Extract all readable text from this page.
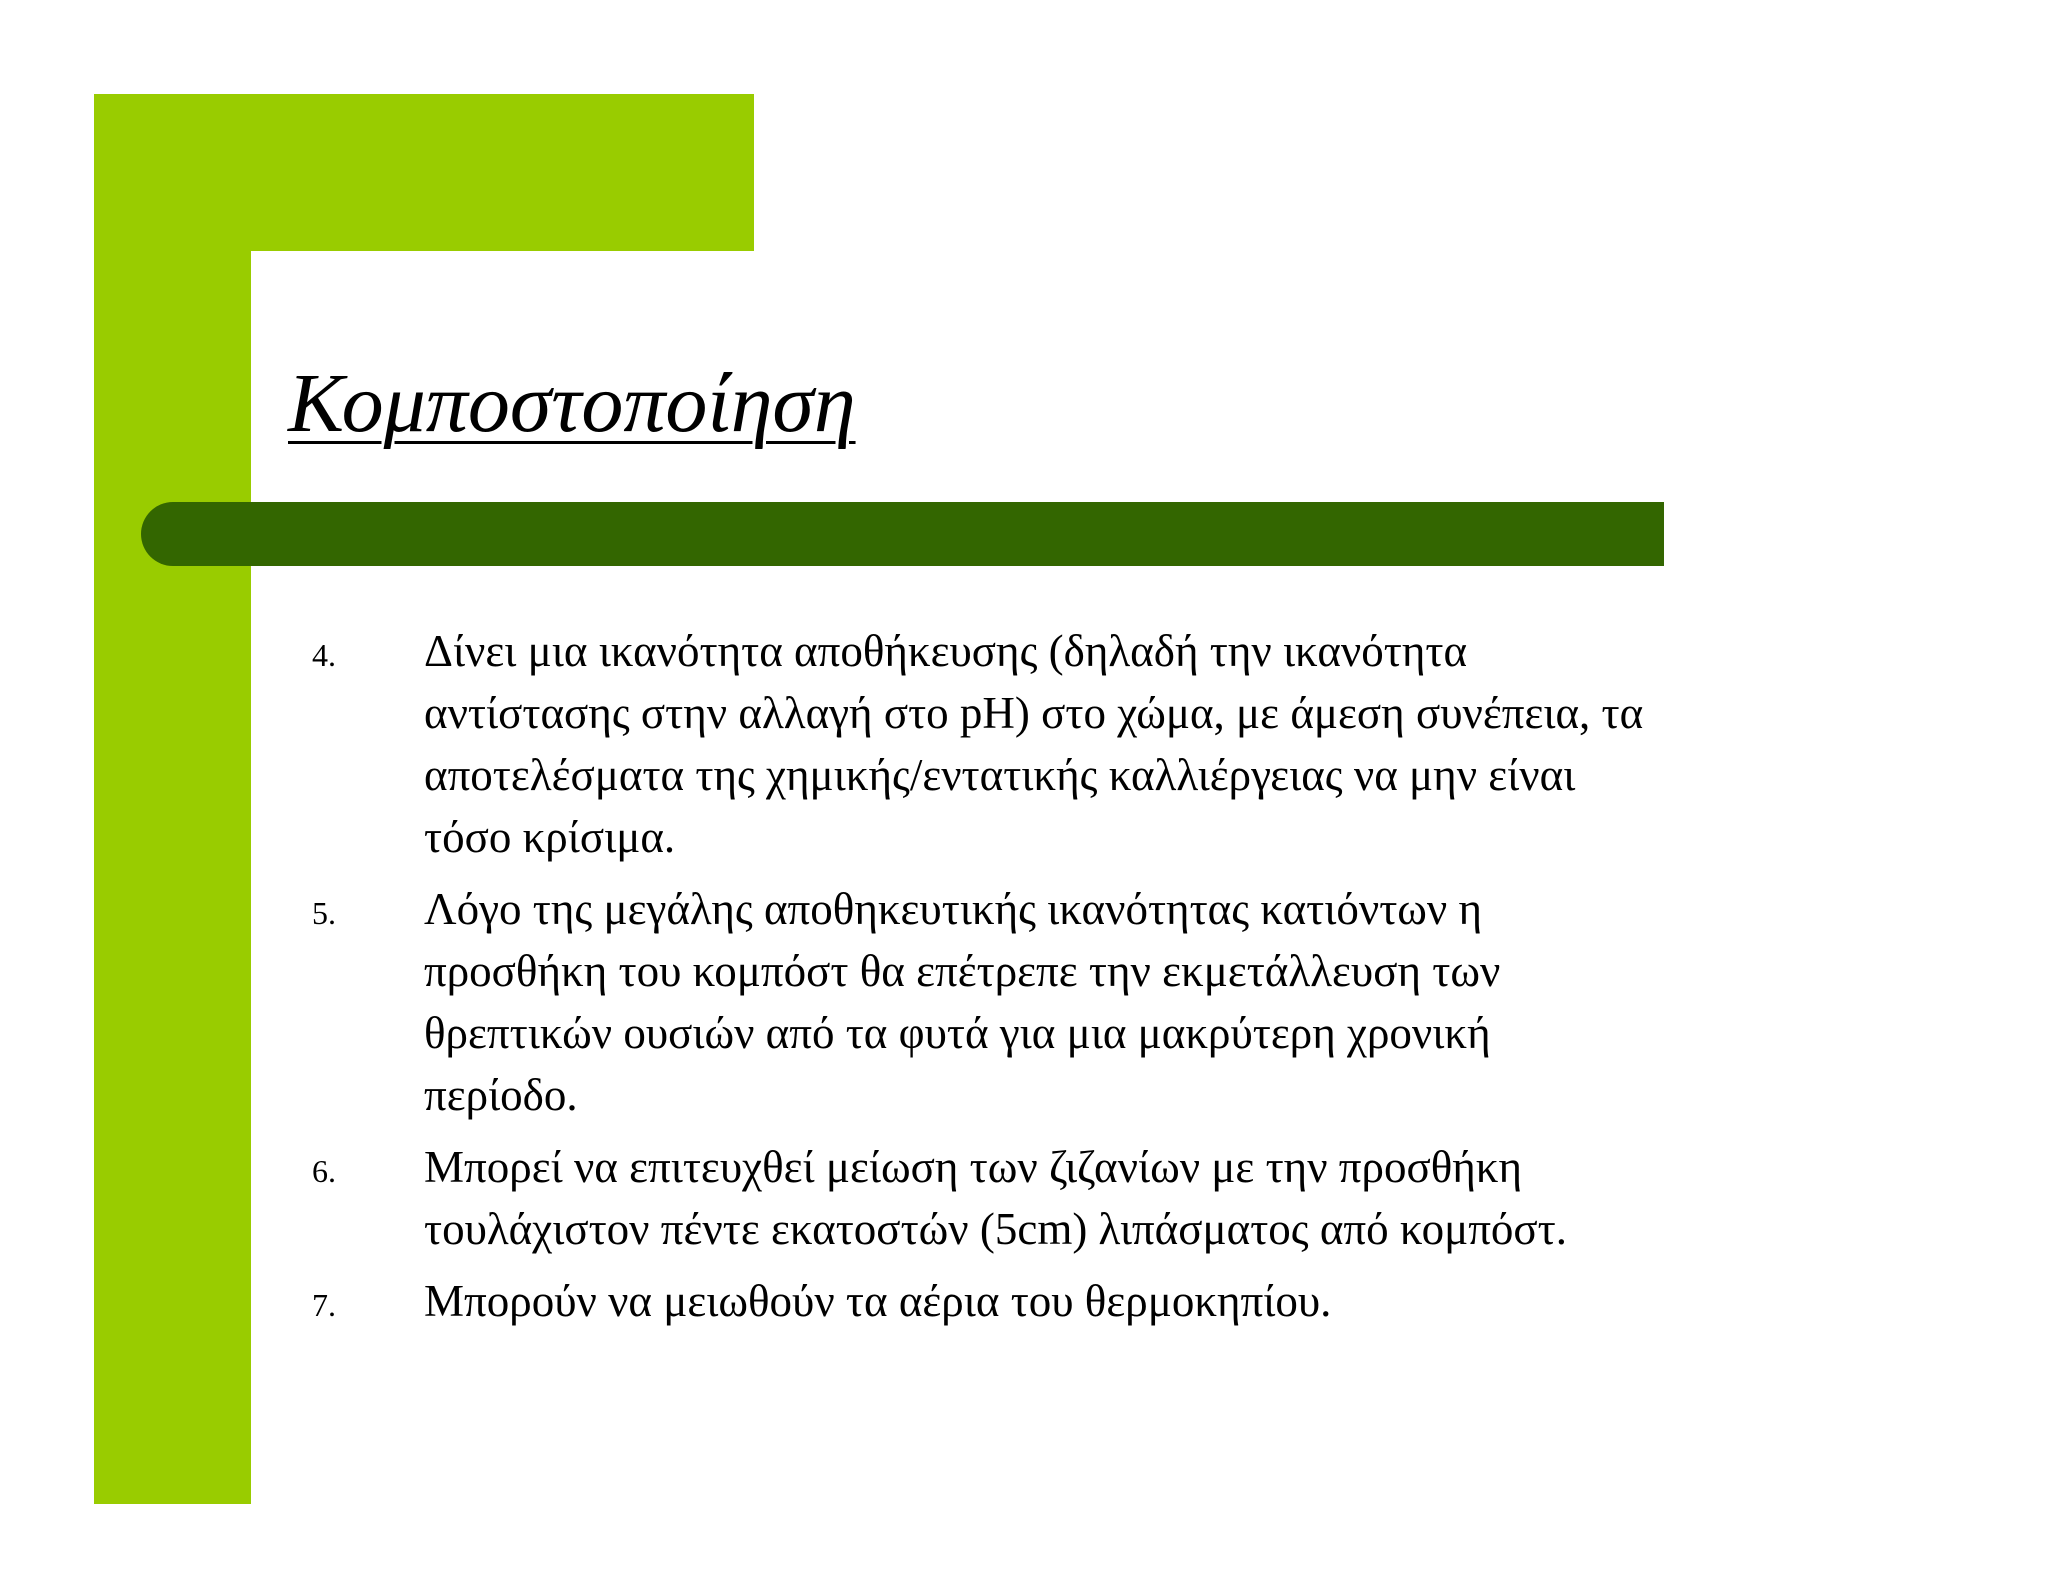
Κομποστοποίηση
4. Δίνει μια ικανότητα αποθήκευσης (δηλαδή την ικανότητα
αντίστασης στην αλλαγή στο pH) στο χώμα, με άμεση συνέπεια, τα
αποτελέσματα της χημικής/εντατικής καλλιέργειας να μην είναι
τόσο κρίσιμα.
5. Λόγο της μεγάλης αποθηκευτικής ικανότητας κατιόντων η
προσθήκη του κομπόστ θα επέτρεπε την εκμετάλλευση των
θρεπτικών ουσιών από τα φυτά για μια μακρύτερη χρονική
περίοδο.
6. Μπορεί να επιτευχθεί μείωση των ζιζανίων με την προσθήκη
τουλάχιστον πέντε εκατοστών (5cm) λιπάσματος από κομπόστ.
7. Μπορούν να μειωθούν τα αέρια του θερμοκηπίου.
